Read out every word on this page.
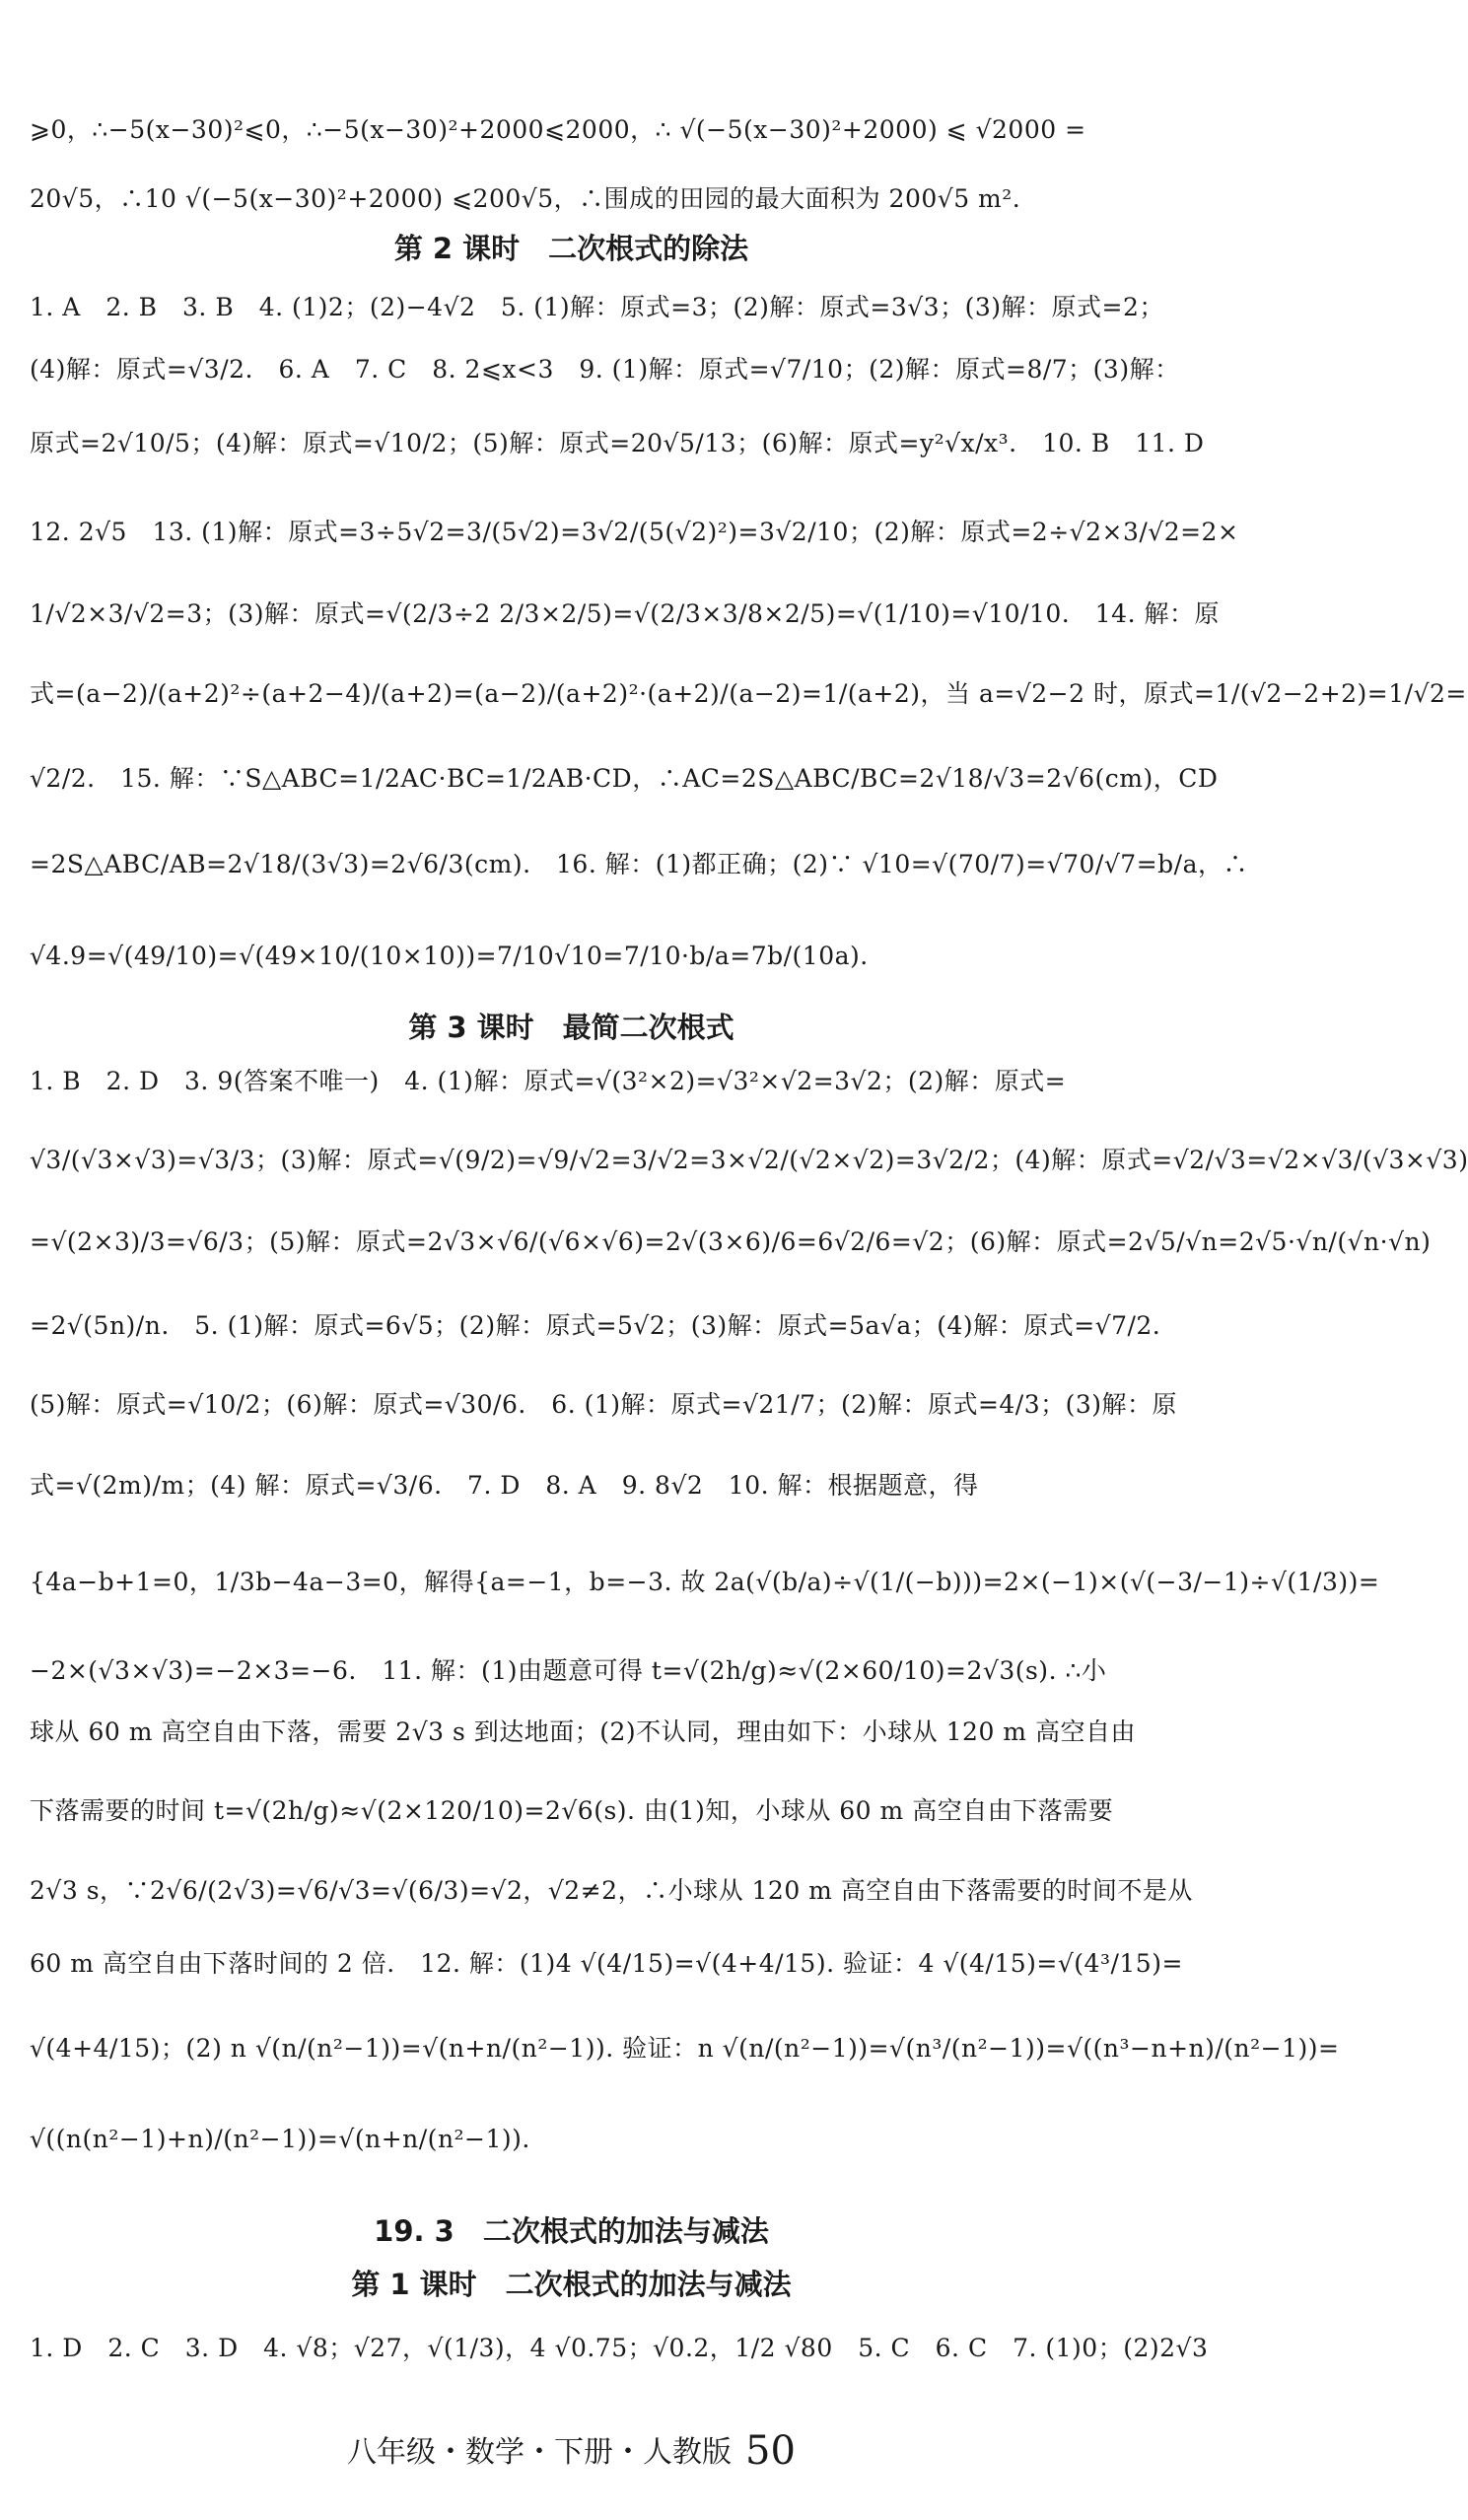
⩾0，∴−5(x−30)²⩽0，∴−5(x−30)²+2000⩽2000，∴ √(−5(x−30)²+2000) ⩽ √2000 =
20√5，∴10 √(−5(x−30)²+2000) ⩽200√5，∴围成的田园的最大面积为 200√5 m².
第 2 课时　二次根式的除法
1. A　2. B　3. B　4. (1)2；(2)−4√2　5. (1)解：原式=3；(2)解：原式=3√3；(3)解：原式=2；
(4)解：原式=√3/2.　6. A　7. C　8. 2⩽x<3　9. (1)解：原式=√7/10；(2)解：原式=8/7；(3)解：
原式=2√10/5；(4)解：原式=√10/2；(5)解：原式=20√5/13；(6)解：原式=y²√x/x³.　10. B　11. D
12. 2√5　13. (1)解：原式=3÷5√2=3/(5√2)=3√2/(5(√2)²)=3√2/10；(2)解：原式=2÷√2×3/√2=2×
1/√2×3/√2=3；(3)解：原式=√(2/3÷2 2/3×2/5)=√(2/3×3/8×2/5)=√(1/10)=√10/10.　14. 解：原
式=(a−2)/(a+2)²÷(a+2−4)/(a+2)=(a−2)/(a+2)²·(a+2)/(a−2)=1/(a+2)，当 a=√2−2 时，原式=1/(√2−2+2)=1/√2=
√2/2.　15. 解：∵S△ABC=1/2AC·BC=1/2AB·CD，∴AC=2S△ABC/BC=2√18/√3=2√6(cm)，CD
=2S△ABC/AB=2√18/(3√3)=2√6/3(cm).　16. 解：(1)都正确；(2)∵ √10=√(70/7)=√70/√7=b/a，∴
√4.9=√(49/10)=√(49×10/(10×10))=7/10√10=7/10·b/a=7b/(10a).
第 3 课时　最简二次根式
1. B　2. D　3. 9(答案不唯一)　4. (1)解：原式=√(3²×2)=√3²×√2=3√2；(2)解：原式=
√3/(√3×√3)=√3/3；(3)解：原式=√(9/2)=√9/√2=3/√2=3×√2/(√2×√2)=3√2/2；(4)解：原式=√2/√3=√2×√3/(√3×√3)
=√(2×3)/3=√6/3；(5)解：原式=2√3×√6/(√6×√6)=2√(3×6)/6=6√2/6=√2；(6)解：原式=2√5/√n=2√5·√n/(√n·√n)
=2√(5n)/n.　5. (1)解：原式=6√5；(2)解：原式=5√2；(3)解：原式=5a√a；(4)解：原式=√7/2.
(5)解：原式=√10/2；(6)解：原式=√30/6.　6. (1)解：原式=√21/7；(2)解：原式=4/3；(3)解：原
式=√(2m)/m；(4) 解：原式=√3/6.　7. D　8. A　9. 8√2　10. 解：根据题意，得
{4a−b+1=0，1/3b−4a−3=0，解得{a=−1，b=−3. 故 2a(√(b/a)÷√(1/(−b)))=2×(−1)×(√(−3/−1)÷√(1/3))=
−2×(√3×√3)=−2×3=−6.　11. 解：(1)由题意可得 t=√(2h/g)≈√(2×60/10)=2√3(s). ∴小
球从 60 m 高空自由下落，需要 2√3 s 到达地面；(2)不认同，理由如下：小球从 120 m 高空自由
下落需要的时间 t=√(2h/g)≈√(2×120/10)=2√6(s). 由(1)知，小球从 60 m 高空自由下落需要
2√3 s，∵2√6/(2√3)=√6/√3=√(6/3)=√2，√2≠2，∴小球从 120 m 高空自由下落需要的时间不是从
60 m 高空自由下落时间的 2 倍.　12. 解：(1)4 √(4/15)=√(4+4/15). 验证：4 √(4/15)=√(4³/15)=
√(4+4/15)；(2) n √(n/(n²−1))=√(n+n/(n²−1)). 验证：n √(n/(n²−1))=√(n³/(n²−1))=√((n³−n+n)/(n²−1))=
√((n(n²−1)+n)/(n²−1))=√(n+n/(n²−1)).
19. 3　二次根式的加法与减法
第 1 课时　二次根式的加法与减法
1. D　2. C　3. D　4. √8；√27，√(1/3)，4 √0.75；√0.2，1/2 √80　5. C　6. C　7. (1)0；(2)2√3
八年级・数学・下册・人教版 50
